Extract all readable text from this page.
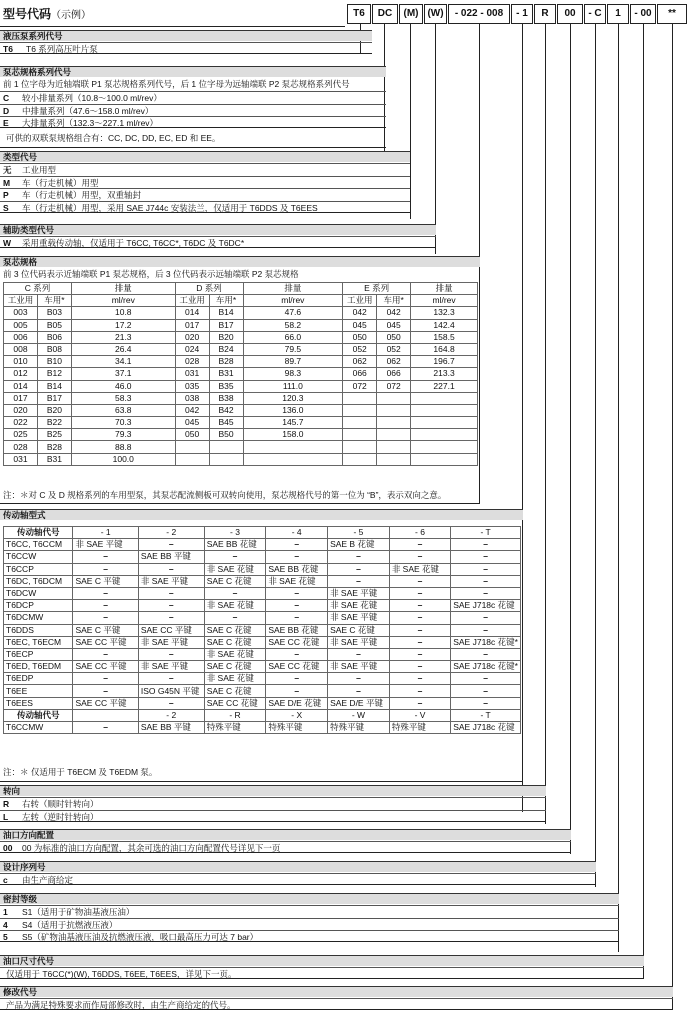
型号代码（示例）	T6	DC	(M) (W)	- 022 - 008	- 1	R	00	- C	1	- 00	**
液压泵系列代号
T6 T6 系列高压叶片泵
泵芯规格系列代号
前 1 位字母为近轴端联 P1 泵芯规格系列代号，后 1 位字母为远轴端联 P2 泵芯规格系列代号
C 较小排量系列（10.8～100.0 ml/rev）
D 中排量系列（47.6～158.0 ml/rev）
E 大排量系列（132.3～227.1 ml/rev）
可供的双联泵规格组合有：CC, DC, DD, EC, ED 和 EE。
类型代号
无 工业用型
M 车（行走机械）用型
P 车（行走机械）用型，双重轴封
S 车（行走机械）用型，采用 SAE J744c 安装法兰，仅适用于 T6DDS 及 T6EES
辅助类型代号
W 采用重载传动轴，仅适用于 T6CC, T6CC*, T6DC 及 T6DC*
泵芯规格
前 3 位代码表示近轴端联 P1 泵芯规格，后 3 位代码表示远轴端联 P2 泵芯规格
C 系列		排量	D 系列		排量	E 系列		排量
工业用	车用*	ml/rev	工业用	车用*	ml/rev	工业用	车用*	ml/rev
003	B03	10.8	014	B14	47.6	042	042	132.3
005	B05	17.2	017	B17	58.2	045	045	142.4
006	B06	21.3	020	B20	66.0	050	050	158.5
008	B08	26.4	024	B24	79.5	052	052	164.8
010	B10	34.1	028	B28	89.7	062	062	196.7
012	B12	37.1	031	B31	98.3	066	066	213.3
014	B14	46.0	035	B35	111.0	072	072	227.1
017	B17	58.3	038	B38	120.3			
020	B20	63.8	042	B42	136.0			
022	B22	70.3	045	B45	145.7			
025	B25	79.3	050	B50	158.0			
028	B28	88.8						
031	B31	100.0						
注：＊对 C 及 D 规格系列的车用型泵，其泵芯配流侧板可双转向使用，泵芯规格代号的第一位为 “B”，表示双向之意。
传动轴型式
传动轴代号	- 1	- 2	- 3	- 4	- 5	- 6	- T
T6CC, T6CCM	非 SAE 平键	–	SAE BB 花键	–	SAE B 花键	–	–
T6CCW	–	SAE BB 平键	–	–	–	–	–
T6CCP	–	–	非 SAE 花键	SAE BB 花键	–	非 SAE 花键	–
T6DC, T6DCM	SAE C 平键	非 SAE 平键	SAE C 花键	非 SAE 花键	–	–	–
T6DCW	–	–	–	–	非 SAE 平键	–	–
T6DCP	–	–	非 SAE 花键	–	非 SAE 花键	–	SAE J718c 花键
T6DCMW	–	–	–	–	非 SAE 平键	–	–
T6DDS	SAE C 平键	SAE CC 平键	SAE C 花键	SAE BB 花键	SAE C 花键	–	–
T6EC, T6ECM	SAE CC 平键	非 SAE 平键	SAE C 花键	SAE CC 花键	非 SAE 平键	–	SAE J718c 花键*
T6ECP	–	–	非 SAE 花键	–	–	–	–
T6ED, T6EDM	SAE CC 平键	非 SAE 平键	SAE C 花键	SAE CC 花键	非 SAE 平键	–	SAE J718c 花键*
T6EDP	–	–	非 SAE 花键	–	–	–	–
T6EE	–	ISO G45N 平键	SAE C 花键	–	–	–	–
T6EES	SAE CC 平键	–	SAE CC 花键	SAE D/E 花键	SAE D/E 平键	–	–
传动轴代号		- 2	- R	- X	- W	- V	- T
T6CCMW	–	SAE BB 平键	特殊平键	特殊平键	特殊平键	特殊平键	SAE J718c 花键
注：＊ 仅适用于 T6ECM 及 T6EDM 泵。
转向
R 右转（顺时针转向）
L 左转（逆时针转向）
油口方向配置
00 00 为标准的油口方向配置，其余可选的油口方向配置代号详见下一页
设计序列号
c 由生产商给定
密封等级
1 S1（适用于矿物油基液压油）
4 S4（适用于抗燃液压液）
5 S5（矿物油基液压油及抗燃液压液，吸口最高压力可达 7 bar）
油口尺寸代号
仅适用于 T6CC(*)(W), T6DDS, T6EE, T6EES，详见下一页。
修改代号
产品为满足特殊要求而作局部修改时，由生产商给定的代号。
